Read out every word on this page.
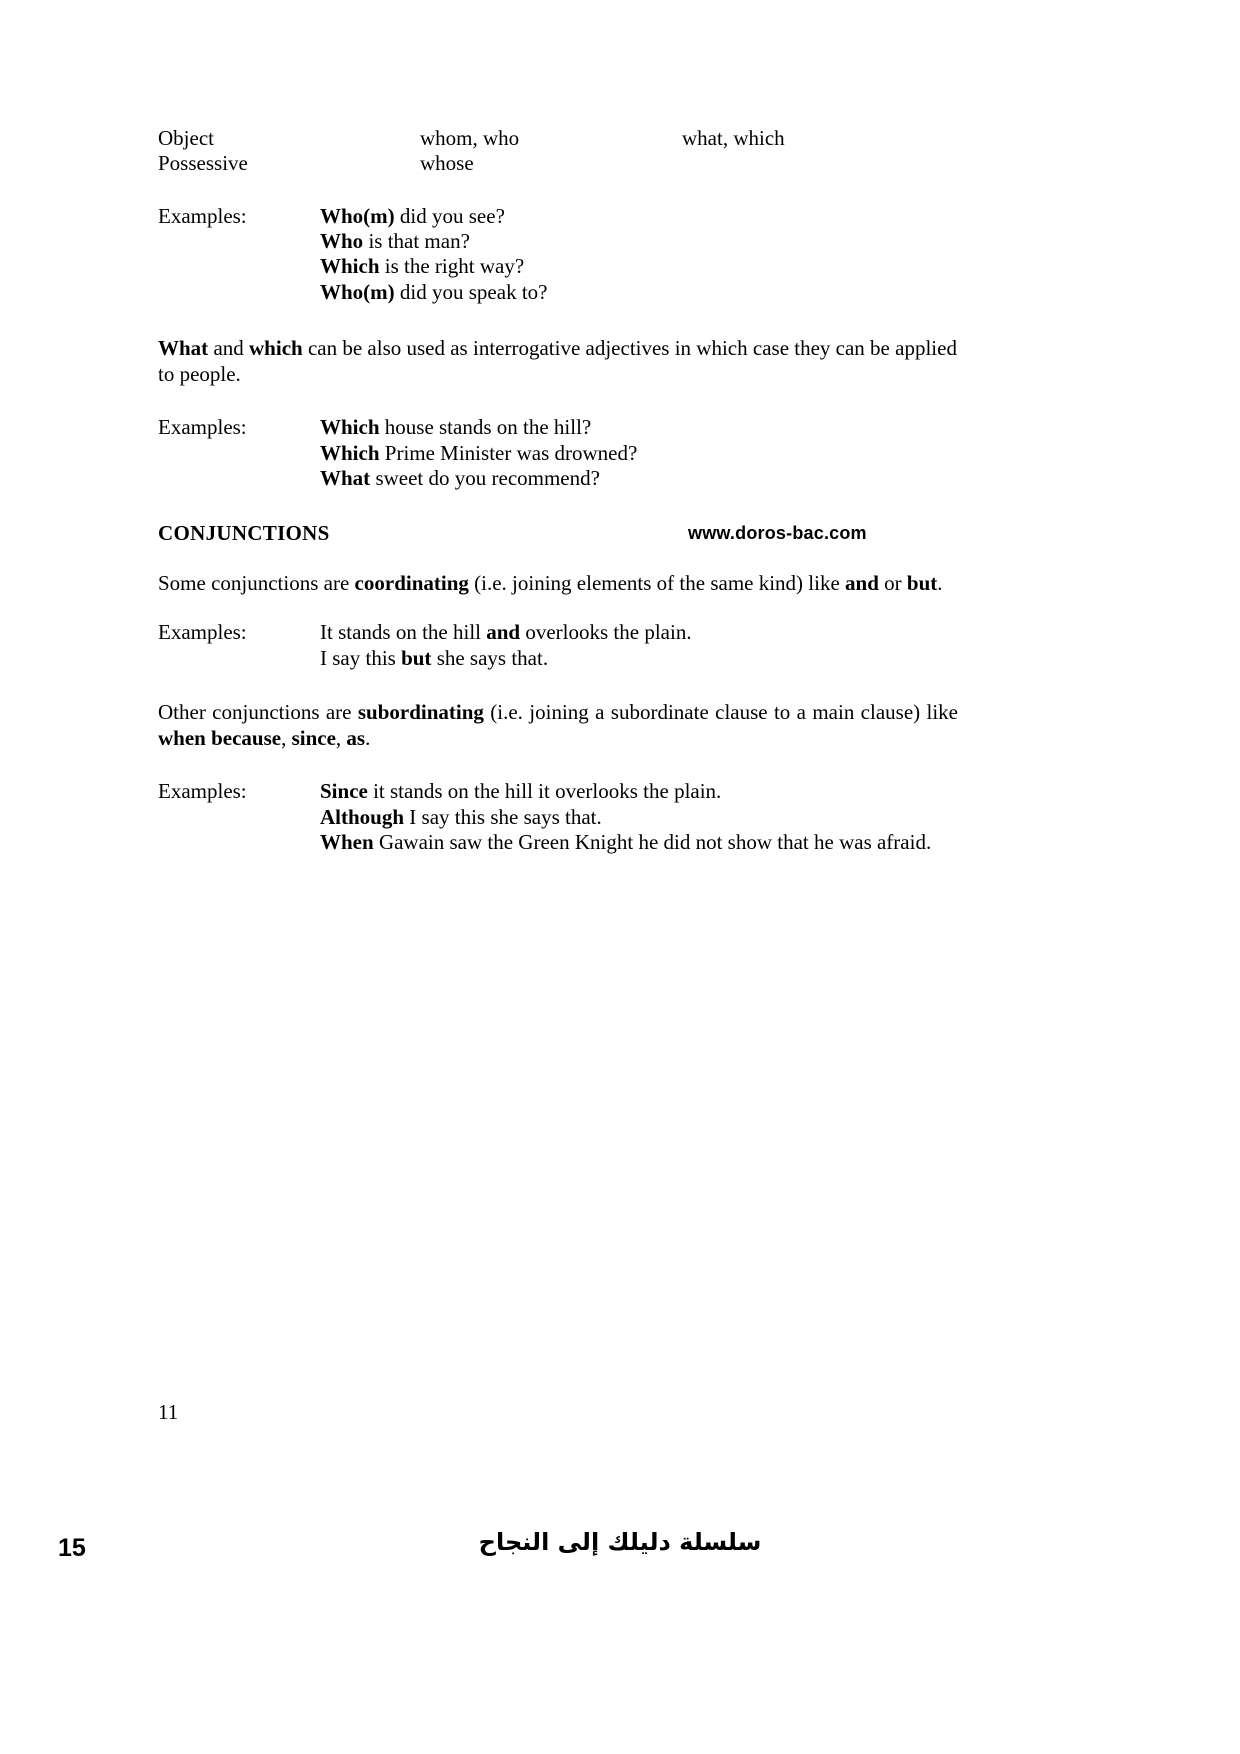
Object	whom, who	what, which
Possessive	whose	
Examples:	Who(m) did you see?
Who is that man?
Which is the right way?
Who(m) did you speak to?
What and which can be also used as interrogative adjectives in which case they can be applied to people.
Examples:	Which house stands on the hill?
Which Prime Minister was drowned?
What sweet do you recommend?
CONJUNCTIONS	www.doros-bac.com
Some conjunctions are coordinating (i.e. joining elements of the same kind) like and or but.
Examples:	It stands on the hill and overlooks the plain.
I say this but she says that.
Other conjunctions are subordinating (i.e. joining a subordinate clause to a main clause) like when because, since, as.
Examples:	Since it stands on the hill it overlooks the plain.
Although I say this she says that.
When Gawain saw the Green Knight he did not show that he was afraid.
11
15	سلسلة دليلك إلى النجاح
